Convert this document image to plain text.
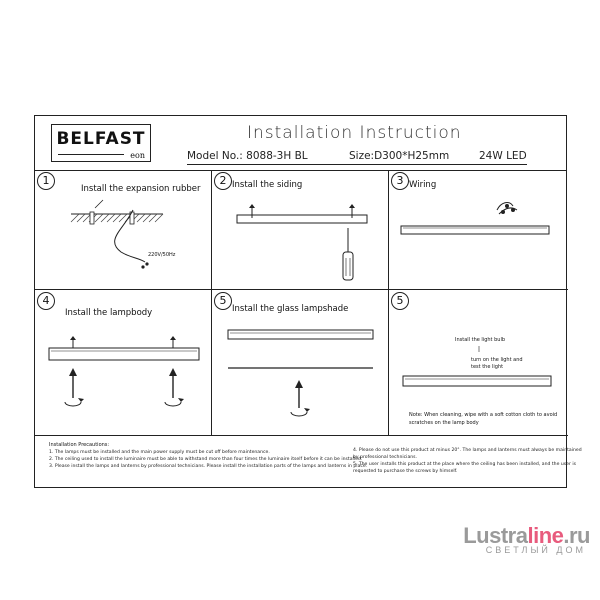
BELFAST
eon
Installation Instruction
Model No.: 8088-3H BL	Size:D300*H25mm	24W LED
1
Install the expansion rubber
220V/50Hz
2 Install the siding	3 Wiring
4
Install the lampbody
5
Install the glass lampshade
5
Install the light bulb
turn on the light and
test the light
Note: When cleaning, wipe with a soft cotton cloth to avoid
scratches on the lamp body
Installation Precautions:
1. The lamps must be installed and the main power supply must be cut off before maintenance.
2. The ceiling used to install the luminaire must be able to withstand more than four times the luminaire itself before it can be installed.
3. Please install the lamps and lanterns by professional technicians. Please install the installation parts of the lamps and lanterns in place.
4. Please do not use this product at minus 20°. The lamps and lanterns must always be maintained
by professional technicians.
5. The user installs this product at the place where the ceiling has been installed, and the user is
requested to purchase the screws by himself.
Lustraline.ru
СВЕТЛЫЙ ДОМ
